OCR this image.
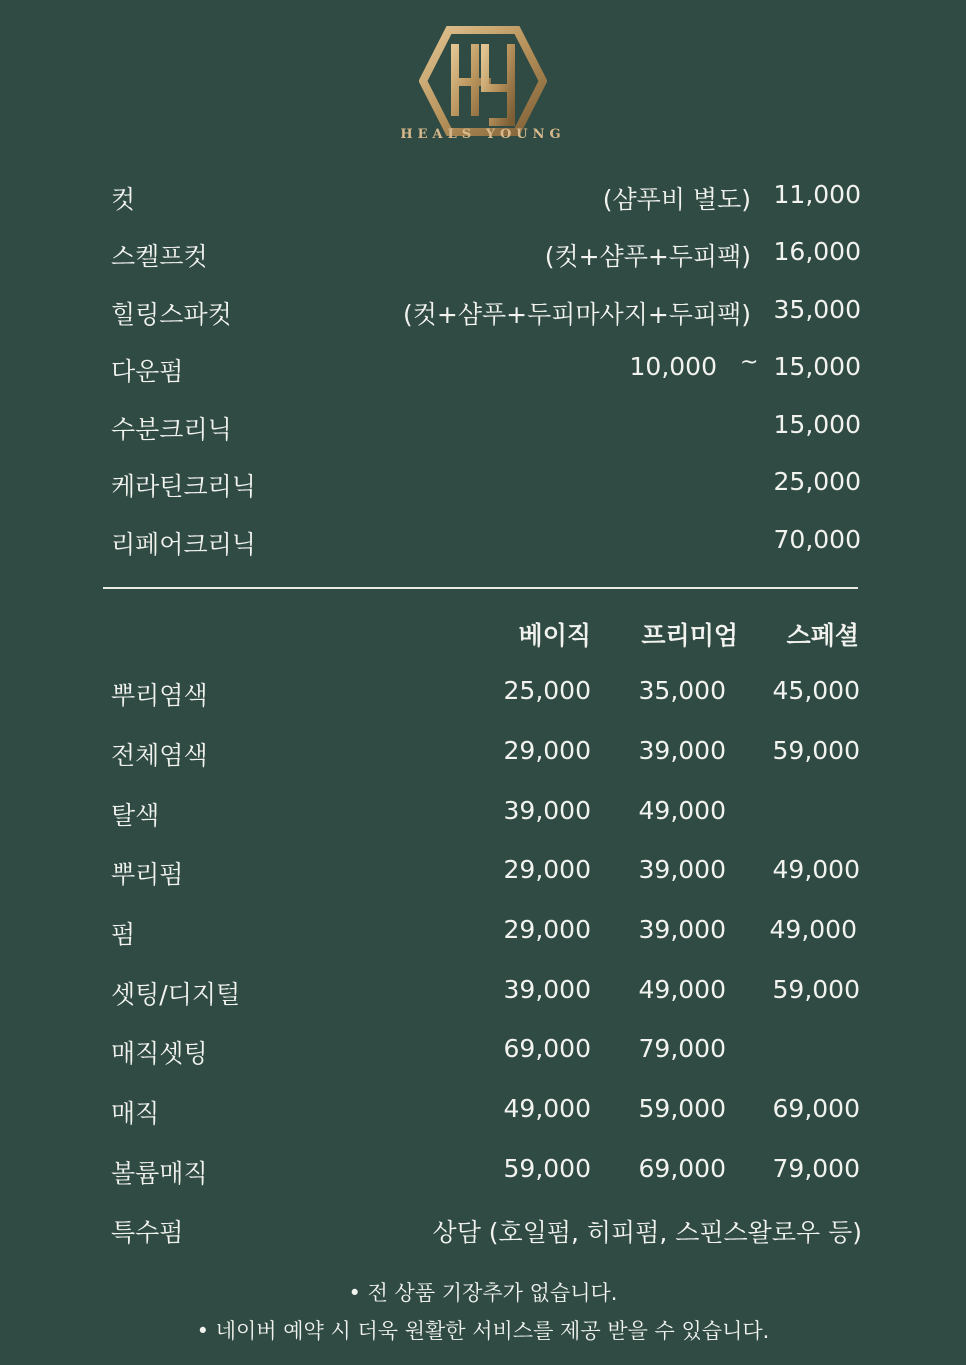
HEALS YOUNG
컷	(샴푸비 별도) 11,000
스켈프컷	(컷+샴푸+두피팩) 16,000
힐링스파컷	(컷+샴푸+두피마사지+두피팩) 35,000
다운펌	10,000 ~ 15,000
수분크리닉	15,000
케라틴크리닉	25,000
리페어크리닉	70,000
베이직 프리미엄 스페셜
뿌리염색	25,000 35,000 45,000
전체염색	29,000 39,000 59,000
탈색	39,000 49,000
뿌리펌	29,000 39,000 49,000
펌	29,000 39,000 49,000
셋팅/디지털	39,000 49,000 59,000
매직셋팅	69,000 79,000
매직	49,000 59,000 69,000
볼륨매직	59,000 69,000 79,000
특수펌	상담 (호일펌, 히피펌, 스핀스왈로우 등)
• 전 상품 기장추가 없습니다.
• 네이버 예약 시 더욱 원활한 서비스를 제공 받을 수 있습니다.
